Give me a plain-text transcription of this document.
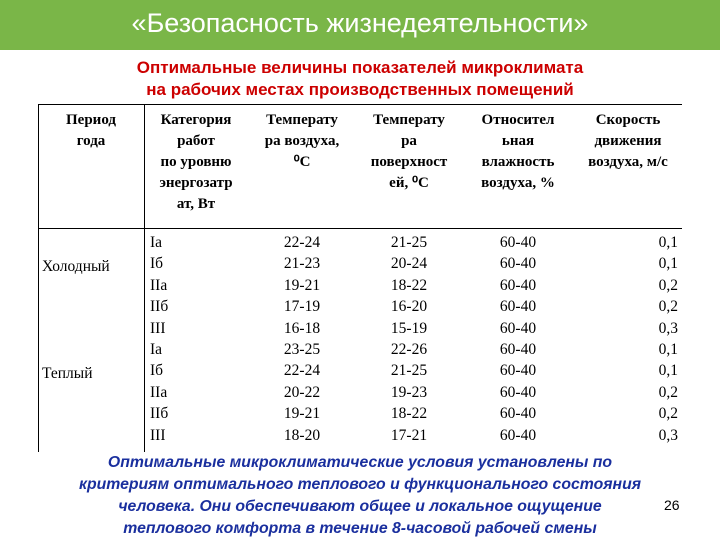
«Безопасность жизнедеятельности»
Оптимальные величины показателей микроклимата
на рабочих местах производственных помещений
Период
года
Категория
работ
по уровню
энергозатр
ат, Вт
Температу
ра воздуха,
⁰С
Температу
ра
поверхност
ей, ⁰С
Относител
ьная
влажность
воздуха, %
Скорость
движения
воздуха, м/с
Холодный
Теплый
Iа
Iб
IIа
IIб
III
Iа
Iб
IIа
IIб
III
22-24
21-23
19-21
17-19
16-18
23-25
22-24
20-22
19-21
18-20
21-25
20-24
18-22
16-20
15-19
22-26
21-25
19-23
18-22
17-21
60-40
60-40
60-40
60-40
60-40
60-40
60-40
60-40
60-40
60-40
0,1
0,1
0,2
0,2
0,3
0,1
0,1
0,2
0,2
0,3
Оптимальные микроклиматические условия установлены по
критериям оптимального теплового и функционального состояния
человека. Они обеспечивают общее и локальное ощущение
теплового комфорта в течение 8-часовой рабочей смены
26
